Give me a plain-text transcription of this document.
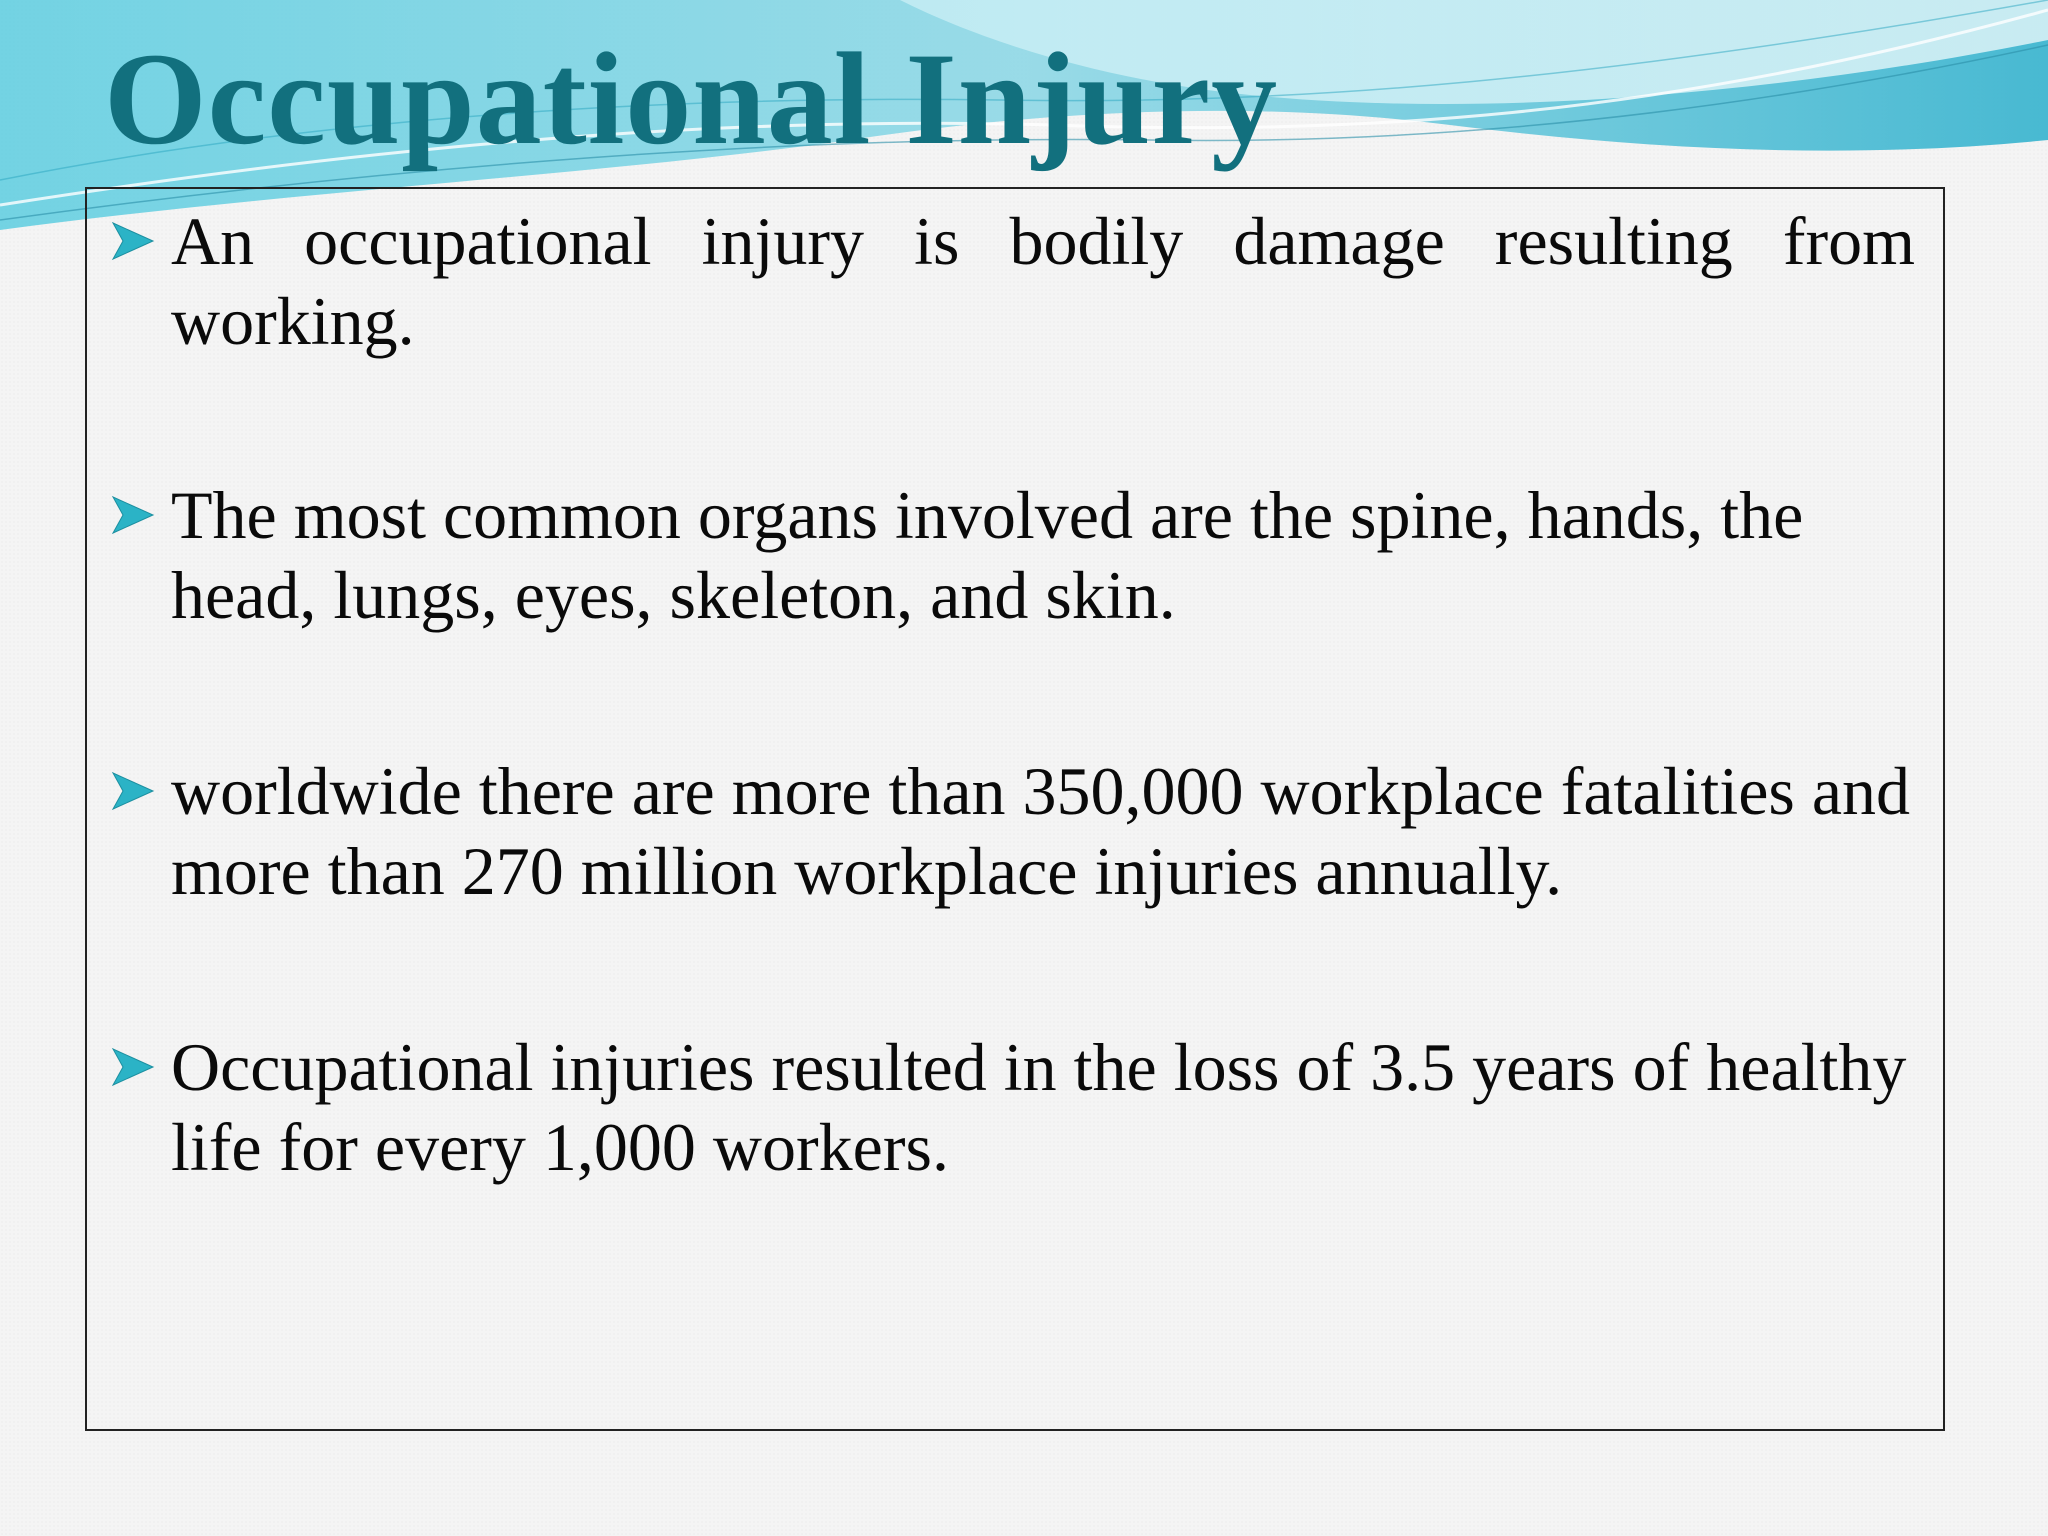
Occupational Injury
An occupational injury is bodily damage resulting from working.
The most common organs involved are the spine, hands, the head, lungs, eyes, skeleton, and skin.
worldwide there are more than 350,000 workplace fatalities and more than 270 million workplace injuries annually.
Occupational injuries resulted in the loss of 3.5 years of healthy life for every 1,000 workers.
